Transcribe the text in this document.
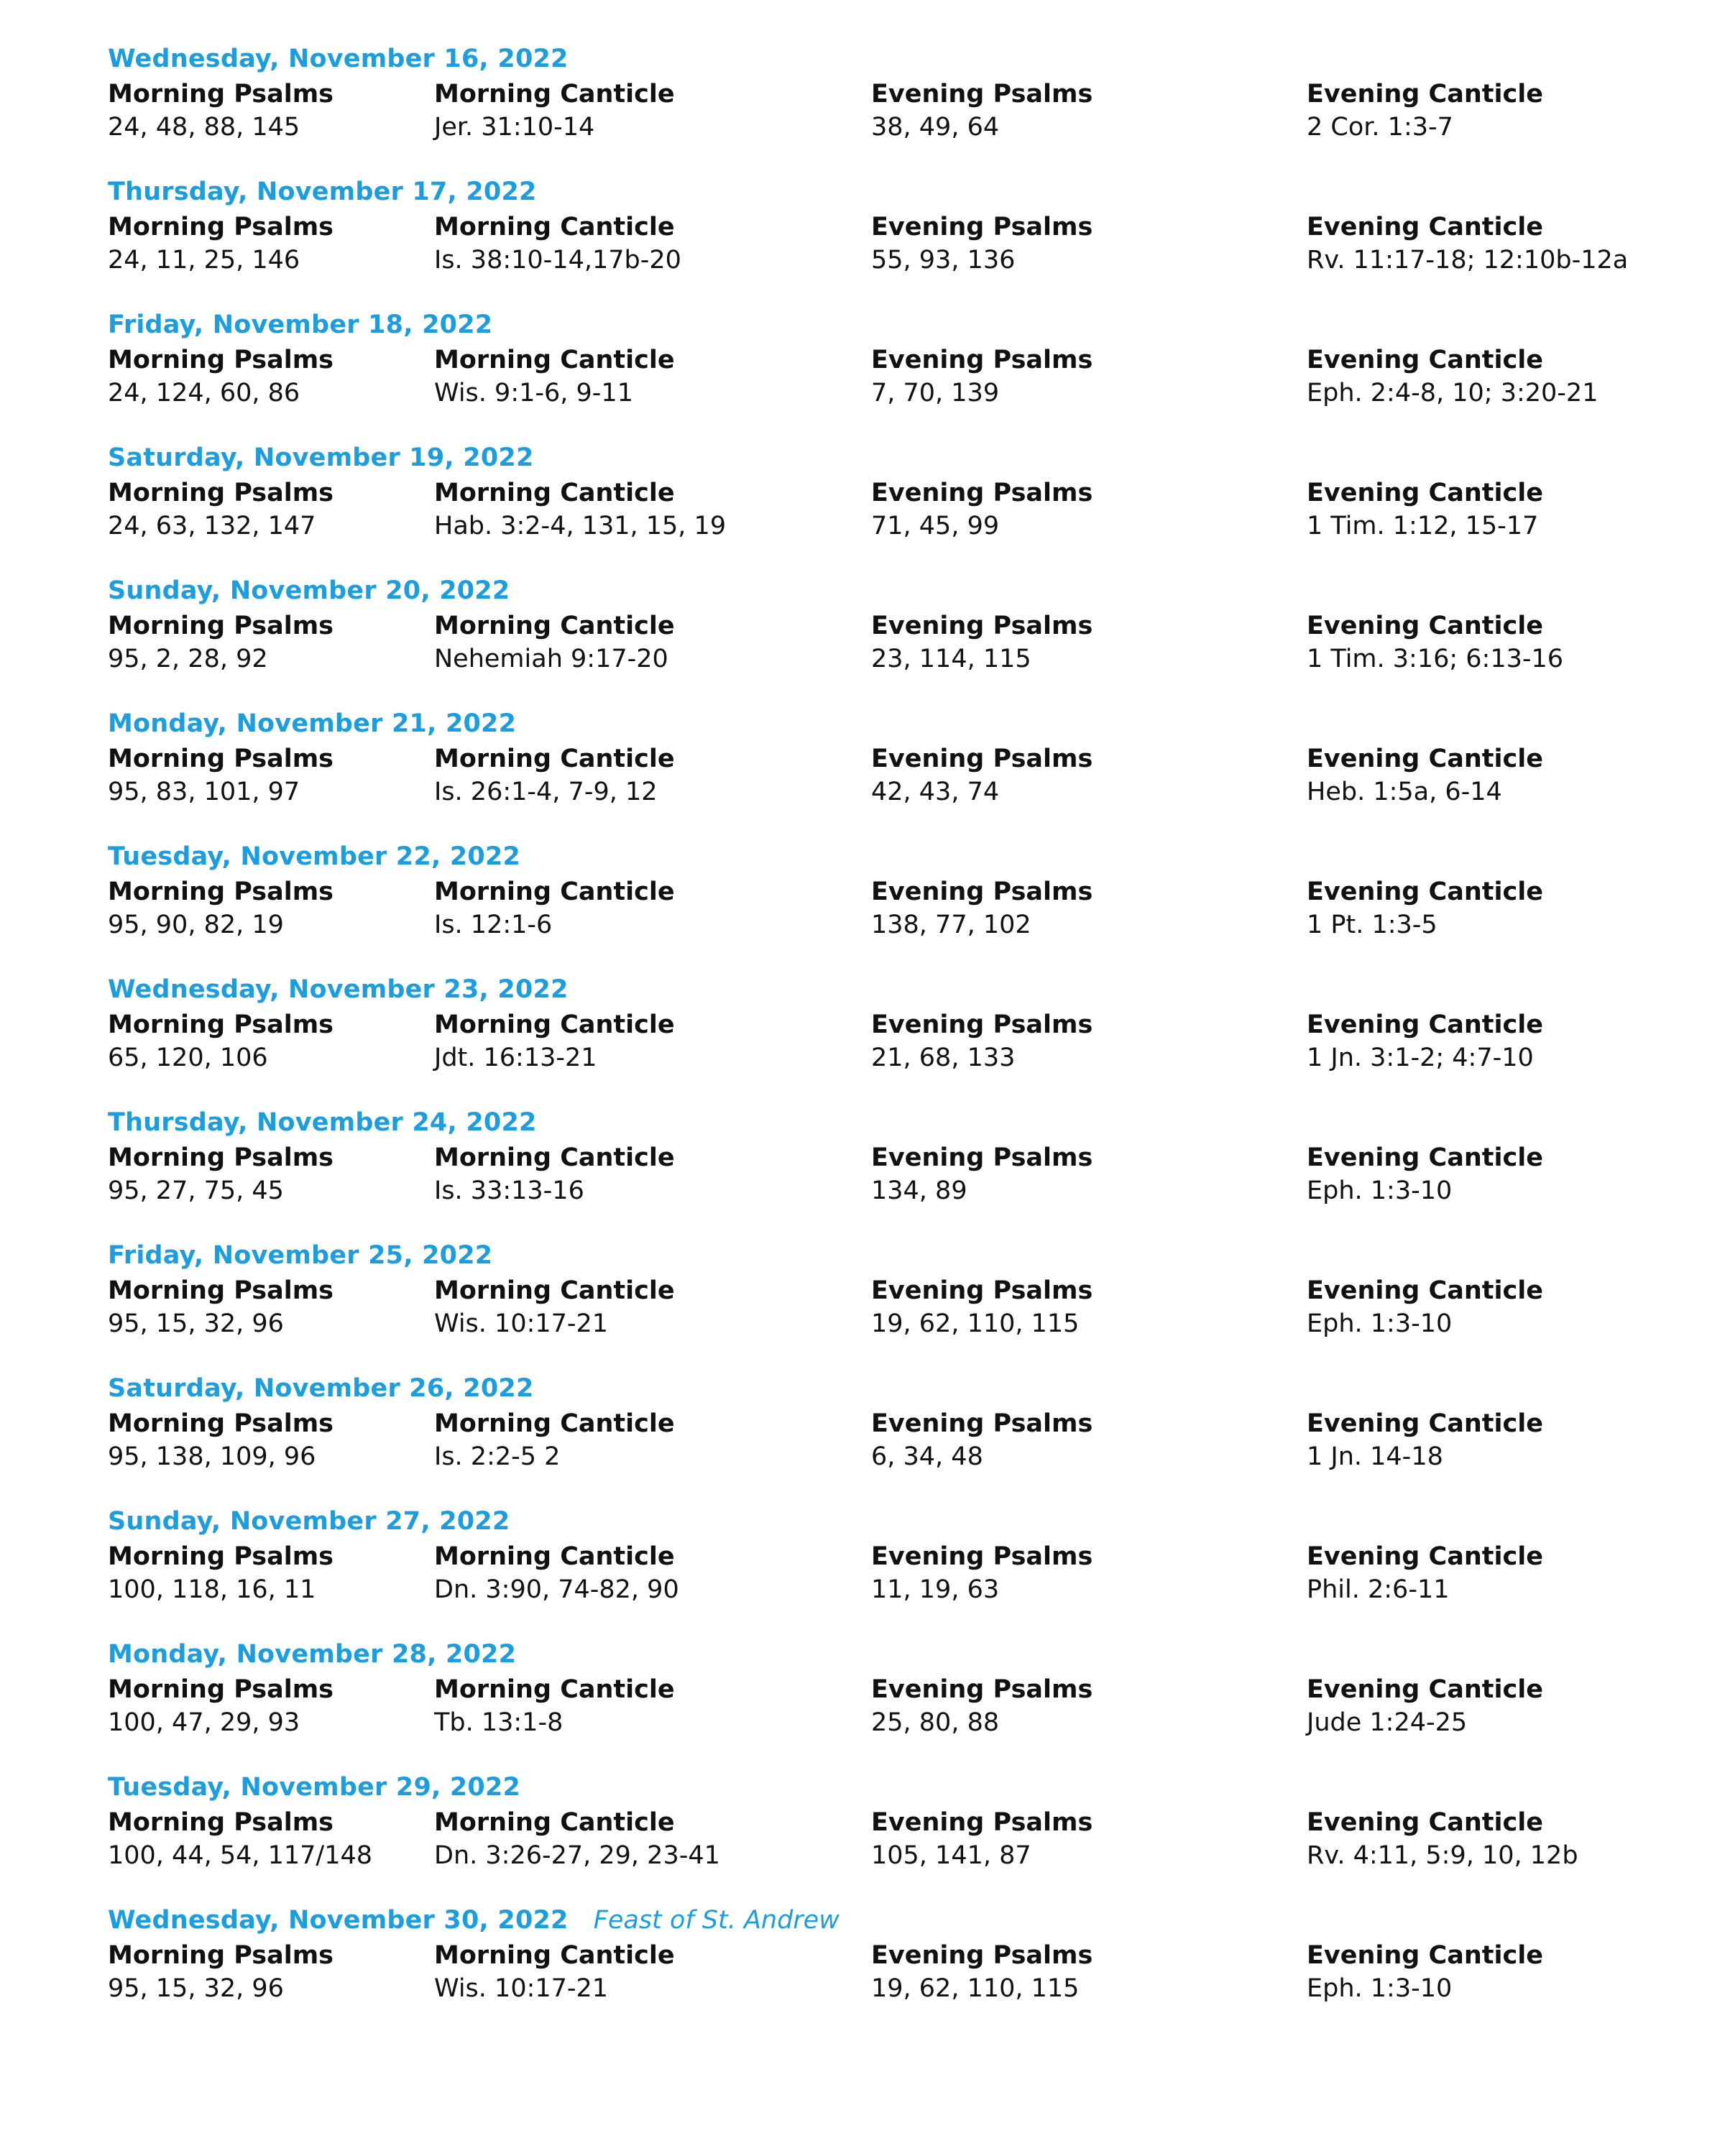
Wednesday, November 16, 2022
Morning Psalms
24, 48, 88, 145
Morning Canticle
Jer. 31:10-14
Evening Psalms
38, 49, 64
Evening Canticle
2 Cor. 1:3-7
Thursday, November 17, 2022
Morning Psalms
24, 11, 25, 146
Morning Canticle
Is. 38:10-14,17b-20
Evening Psalms
55, 93, 136
Evening Canticle
Rv. 11:17-18; 12:10b-12a
Friday, November 18, 2022
Morning Psalms
24, 124, 60, 86
Morning Canticle
Wis. 9:1-6, 9-11
Evening Psalms
7, 70, 139
Evening Canticle
Eph. 2:4-8, 10; 3:20-21
Saturday, November 19, 2022
Morning Psalms
24, 63, 132, 147
Morning Canticle
Hab. 3:2-4, 131, 15, 19
Evening Psalms
71, 45, 99
Evening Canticle
1 Tim. 1:12, 15-17
Sunday, November 20, 2022
Morning Psalms
95, 2, 28, 92
Morning Canticle
Nehemiah 9:17-20
Evening Psalms
23, 114, 115
Evening Canticle
1 Tim. 3:16; 6:13-16
Monday, November 21, 2022
Morning Psalms
95, 83, 101, 97
Morning Canticle
Is. 26:1-4, 7-9, 12
Evening Psalms
42, 43, 74
Evening Canticle
Heb. 1:5a, 6-14
Tuesday, November 22, 2022
Morning Psalms
95, 90, 82, 19
Morning Canticle
Is. 12:1-6
Evening Psalms
138, 77, 102
Evening Canticle
1 Pt. 1:3-5
Wednesday, November 23, 2022
Morning Psalms
65, 120, 106
Morning Canticle
Jdt. 16:13-21
Evening Psalms
21, 68, 133
Evening Canticle
1 Jn. 3:1-2; 4:7-10
Thursday, November 24, 2022
Morning Psalms
95, 27, 75, 45
Morning Canticle
Is. 33:13-16
Evening Psalms
134, 89
Evening Canticle
Eph. 1:3-10
Friday, November 25, 2022
Morning Psalms
95, 15, 32, 96
Morning Canticle
Wis. 10:17-21
Evening Psalms
19, 62, 110, 115
Evening Canticle
Eph. 1:3-10
Saturday, November 26, 2022
Morning Psalms
95, 138, 109, 96
Morning Canticle
Is. 2:2-5 2
Evening Psalms
6, 34, 48
Evening Canticle
1 Jn. 14-18
Sunday, November 27, 2022
Morning Psalms
100, 118, 16, 11
Morning Canticle
Dn. 3:90, 74-82, 90
Evening Psalms
11, 19, 63
Evening Canticle
Phil. 2:6-11
Monday, November 28, 2022
Morning Psalms
100, 47, 29, 93
Morning Canticle
Tb. 13:1-8
Evening Psalms
25, 80, 88
Evening Canticle
Jude 1:24-25
Tuesday, November 29, 2022
Morning Psalms
100, 44, 54, 117/148
Morning Canticle
Dn. 3:26-27, 29, 23-41
Evening Psalms
105, 141, 87
Evening Canticle
Rv. 4:11, 5:9, 10, 12b
Wednesday, November 30, 2022 Feast of St. Andrew
Morning Psalms
95, 15, 32, 96
Morning Canticle
Wis. 10:17-21
Evening Psalms
19, 62, 110, 115
Evening Canticle
Eph. 1:3-10
